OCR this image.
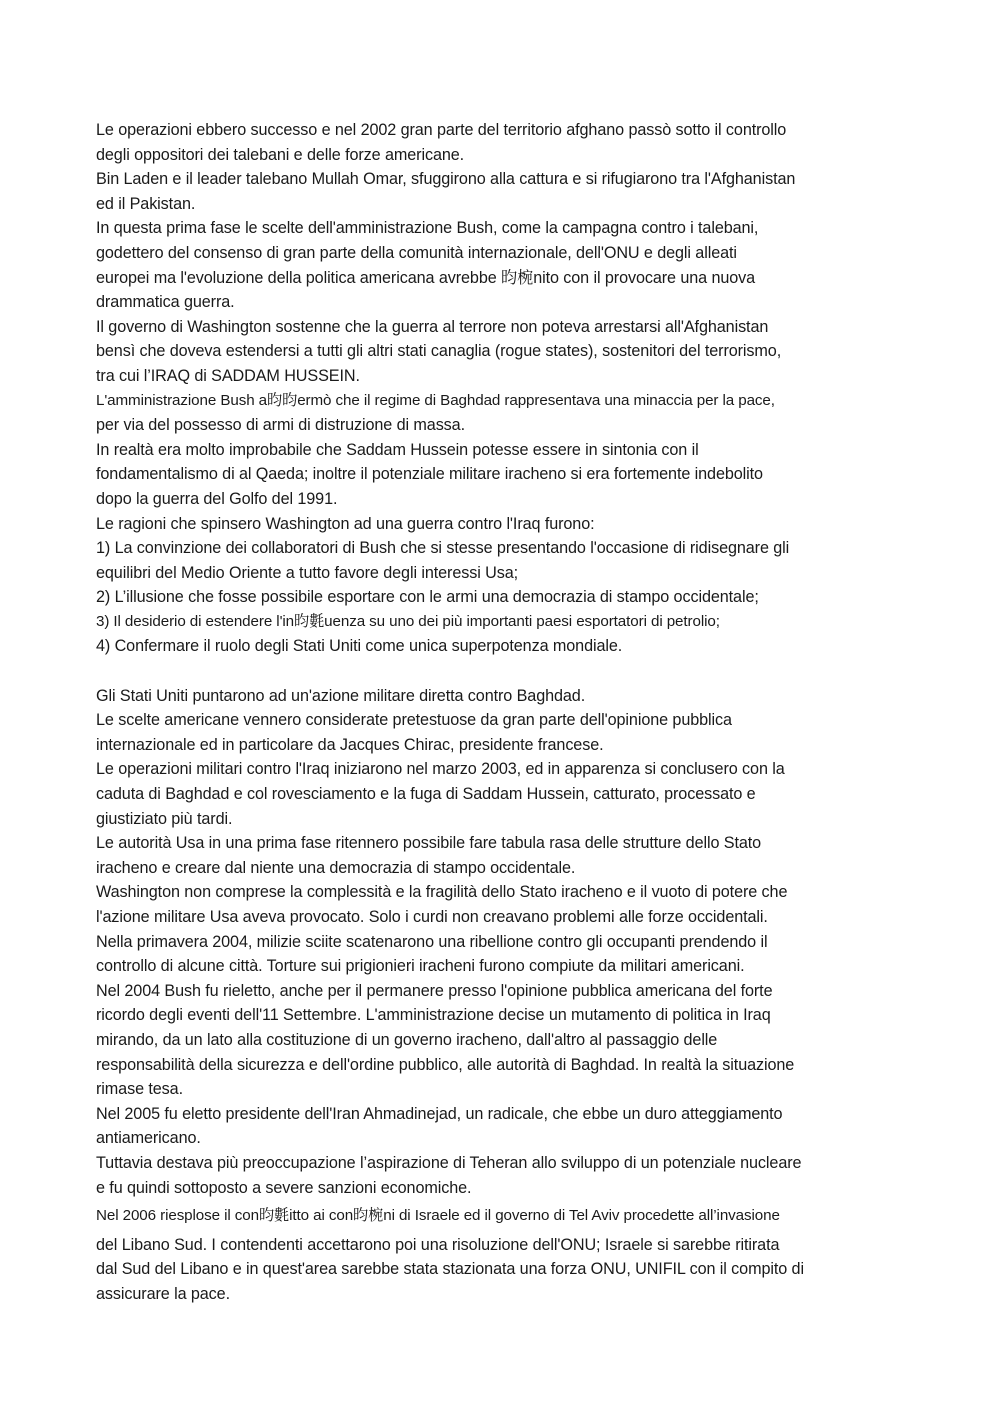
Le operazioni ebbero successo e nel 2002 gran parte del territorio afghano passò sotto il controllo
degli oppositori dei talebani e delle forze americane.
Bin Laden e il leader talebano Mullah Omar, sfuggirono alla cattura e si rifugiarono tra l'Afghanistan
ed il Pakistan.
In questa prima fase le scelte dell'amministrazione Bush, come la campagna contro i talebani,
godettero del consenso di gran parte della comunità internazionale, dell'ONU e degli alleati
europei ma l'evoluzione della politica americana avrebbe 昀椀nito con il provocare una nuova
drammatica guerra.
Il governo di Washington sostenne che la guerra al terrore non poteva arrestarsi all'Afghanistan
bensì che doveva estendersi a tutti gli altri stati canaglia (rogue states), sostenitori del terrorismo,
tra cui l’IRAQ di SADDAM HUSSEIN.
L'amministrazione Bush a昀昀ermò che il regime di Baghdad rappresentava una minaccia per la pace,
per via del possesso di armi di distruzione di massa.
In realtà era molto improbabile che Saddam Hussein potesse essere in sintonia con il
fondamentalismo di al Qaeda; inoltre il potenziale militare iracheno si era fortemente indebolito
dopo la guerra del Golfo del 1991.
Le ragioni che spinsero Washington ad una guerra contro l'Iraq furono:
1) La convinzione dei collaboratori di Bush che si stesse presentando l'occasione di ridisegnare gli
equilibri del Medio Oriente a tutto favore degli interessi Usa;
2) L’illusione che fosse possibile esportare con le armi una democrazia di stampo occidentale;
3) Il desiderio di estendere l'in昀氀uenza su uno dei più importanti paesi esportatori di petrolio;
4) Confermare il ruolo degli Stati Uniti come unica superpotenza mondiale.
Gli Stati Uniti puntarono ad un'azione militare diretta contro Baghdad.
Le scelte americane vennero considerate pretestuose da gran parte dell'opinione pubblica
internazionale ed in particolare da Jacques Chirac, presidente francese.
Le operazioni militari contro l'Iraq iniziarono nel marzo 2003, ed in apparenza si conclusero con la
caduta di Baghdad e col rovesciamento e la fuga di Saddam Hussein, catturato, processato e
giustiziato più tardi.
Le autorità Usa in una prima fase ritennero possibile fare tabula rasa delle strutture dello Stato
iracheno e creare dal niente una democrazia di stampo occidentale.
Washington non comprese la complessità e la fragilità dello Stato iracheno e il vuoto di potere che
l'azione militare Usa aveva provocato. Solo i curdi non creavano problemi alle forze occidentali.
Nella primavera 2004, milizie sciite scatenarono una ribellione contro gli occupanti prendendo il
controllo di alcune città. Torture sui prigionieri iracheni furono compiute da militari americani.
Nel 2004 Bush fu rieletto, anche per il permanere presso l'opinione pubblica americana del forte
ricordo degli eventi dell'11 Settembre. L'amministrazione decise un mutamento di politica in Iraq
mirando, da un lato alla costituzione di un governo iracheno, dall'altro al passaggio delle
responsabilità della sicurezza e dell'ordine pubblico, alle autorità di Baghdad. In realtà la situazione
rimase tesa.
Nel 2005 fu eletto presidente dell'Iran Ahmadinejad, un radicale, che ebbe un duro atteggiamento
antiamericano.
Tuttavia destava più preoccupazione l’aspirazione di Teheran allo sviluppo di un potenziale nucleare
e fu quindi sottoposto a severe sanzioni economiche.
Nel 2006 riesplose il con昀氀itto ai con昀椀ni di Israele ed il governo di Tel Aviv procedette all’invasione
del Libano Sud. I contendenti accettarono poi una risoluzione dell'ONU; Israele si sarebbe ritirata
dal Sud del Libano e in quest'area sarebbe stata stazionata una forza ONU, UNIFIL con il compito di
assicurare la pace.
